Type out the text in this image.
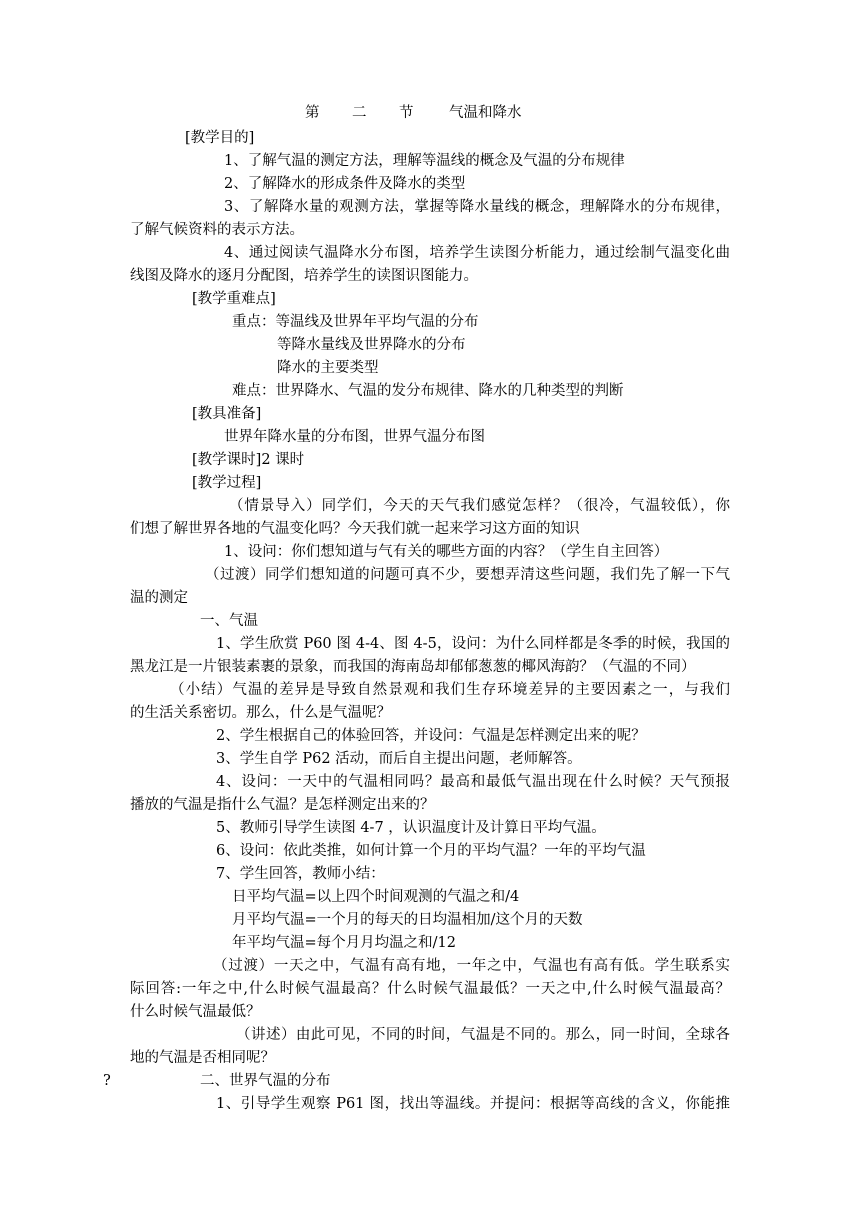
第 二 节 气温和降水
[教学目的]
1、了解气温的测定方法，理解等温线的概念及气温的分布规律
2、了解降水的形成条件及降水的类型
3、了解降水量的观测方法，掌握等降水量线的概念，理解降水的分布规律，
了解气候资料的表示方法。
4、通过阅读气温降水分布图，培养学生读图分析能力，通过绘制气温变化曲
线图及降水的逐月分配图，培养学生的读图识图能力。
[教学重难点]
重点：等温线及世界年平均气温的分布
等降水量线及世界降水的分布
降水的主要类型
难点：世界降水、气温的发分布规律、降水的几种类型的判断
[教具准备]
世界年降水量的分布图，世界气温分布图
[教学课时]2 课时
[教学过程]
（情景导入）同学们，今天的天气我们感觉怎样？（很冷，气温较低），你
们想了解世界各地的气温变化吗？今天我们就一起来学习这方面的知识
1、设问：你们想知道与气有关的哪些方面的内容？（学生自主回答）
（过渡）同学们想知道的问题可真不少，要想弄清这些问题，我们先了解一下气
温的测定
一、气温
1、学生欣赏 P60 图 4-4、图 4-5，设问：为什么同样都是冬季的时候，我国的
黑龙江是一片银装素裹的景象，而我国的海南岛却郁郁葱葱的椰风海韵？（气温的不同）
（小结）气温的差异是导致自然景观和我们生存环境差异的主要因素之一，与我们
的生活关系密切。那么，什么是气温呢？
2、学生根据自己的体验回答，并设问：气温是怎样测定出来的呢？
3、学生自学 P62 活动，而后自主提出问题，老师解答。
4、设问：一天中的气温相同吗？最高和最低气温出现在什么时候？天气预报
播放的气温是指什么气温？是怎样测定出来的？
5、教师引导学生读图 4-7 ，认识温度计及计算日平均气温。
6、设问：依此类推，如何计算一个月的平均气温？一年的平均气温
7、学生回答，教师小结：
日平均气温=以上四个时间观测的气温之和/4
月平均气温=一个月的每天的日均温相加/这个月的天数
年平均气温=每个月月均温之和/12
（过渡）一天之中，气温有高有地，一年之中，气温也有高有低。学生联系实
际回答:一年之中,什么时候气温最高？什么时候气温最低？一天之中,什么时候气温最高？
什么时候气温最低？
（讲述）由此可见，不同的时间，气温是不同的。那么，同一时间，全球各
地的气温是否相同呢？
?	二、世界气温的分布
1、引导学生观察 P61 图，找出等温线。并提问：根据等高线的含义，你能推
